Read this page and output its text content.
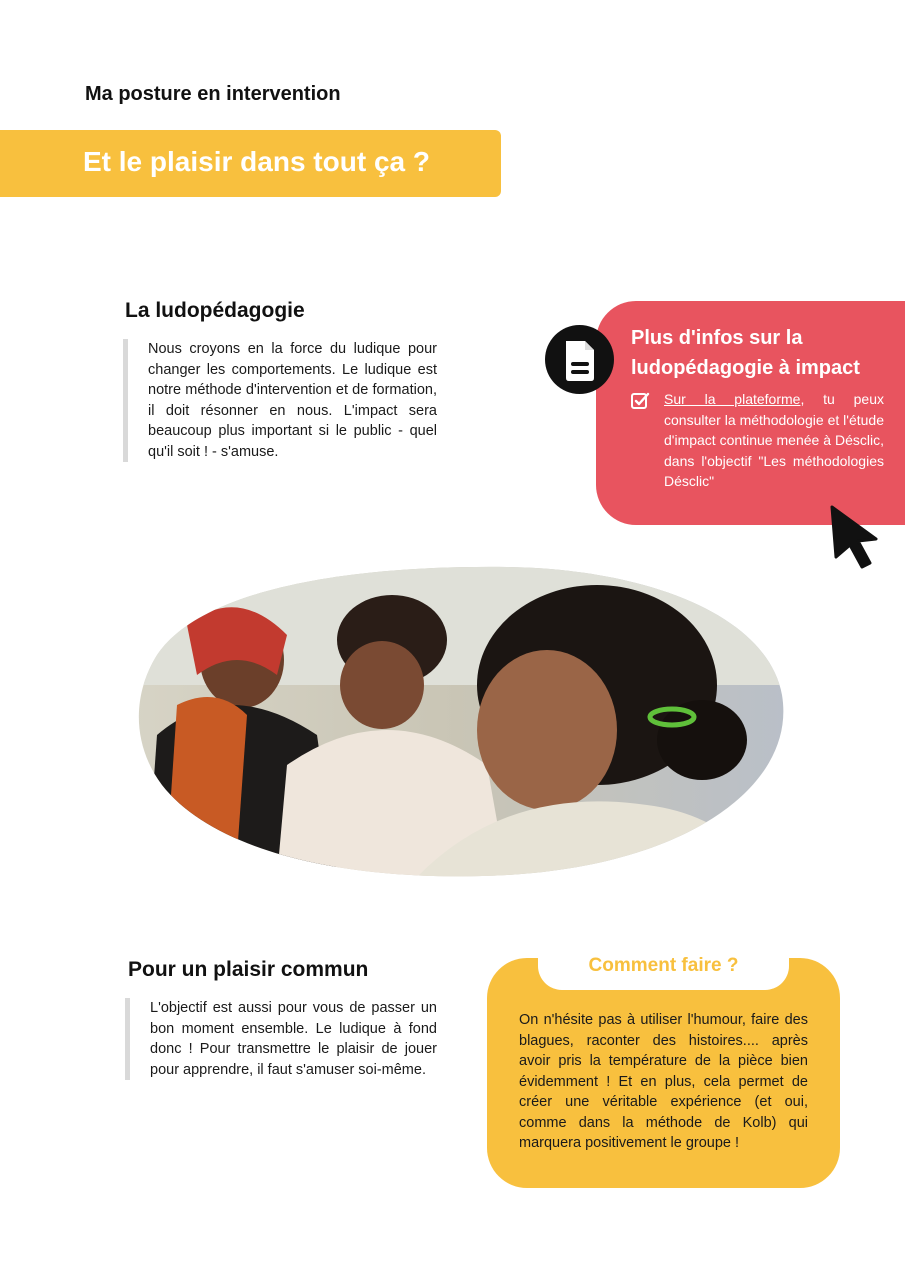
Ma posture en intervention
Et le plaisir dans tout ça ?
La ludopédagogie
Nous croyons en la force du ludique pour changer les comportements. Le ludique est notre méthode d'intervention et de formation, il doit résonner en nous. L'impact sera beaucoup plus important si le public - quel qu'il soit ! - s'amuse.
Plus d'infos sur la ludopédagogie à impact
Sur la plateforme, tu peux consulter la méthodologie et l'étude d'impact continue menée à Désclic, dans l'objectif "Les méthodologies Désclic"
Pour un plaisir commun
L'objectif est aussi pour vous de passer un bon moment ensemble. Le ludique à fond donc ! Pour transmettre le plaisir de jouer pour apprendre, il faut s'amuser soi-même.
Comment faire ?
On n'hésite pas à utiliser l'humour, faire des blagues, raconter des histoires.... après avoir pris la température de la pièce bien évidemment ! Et en plus, cela permet de créer une véritable expérience (et oui, comme dans la méthode de Kolb) qui marquera positivement le groupe !
